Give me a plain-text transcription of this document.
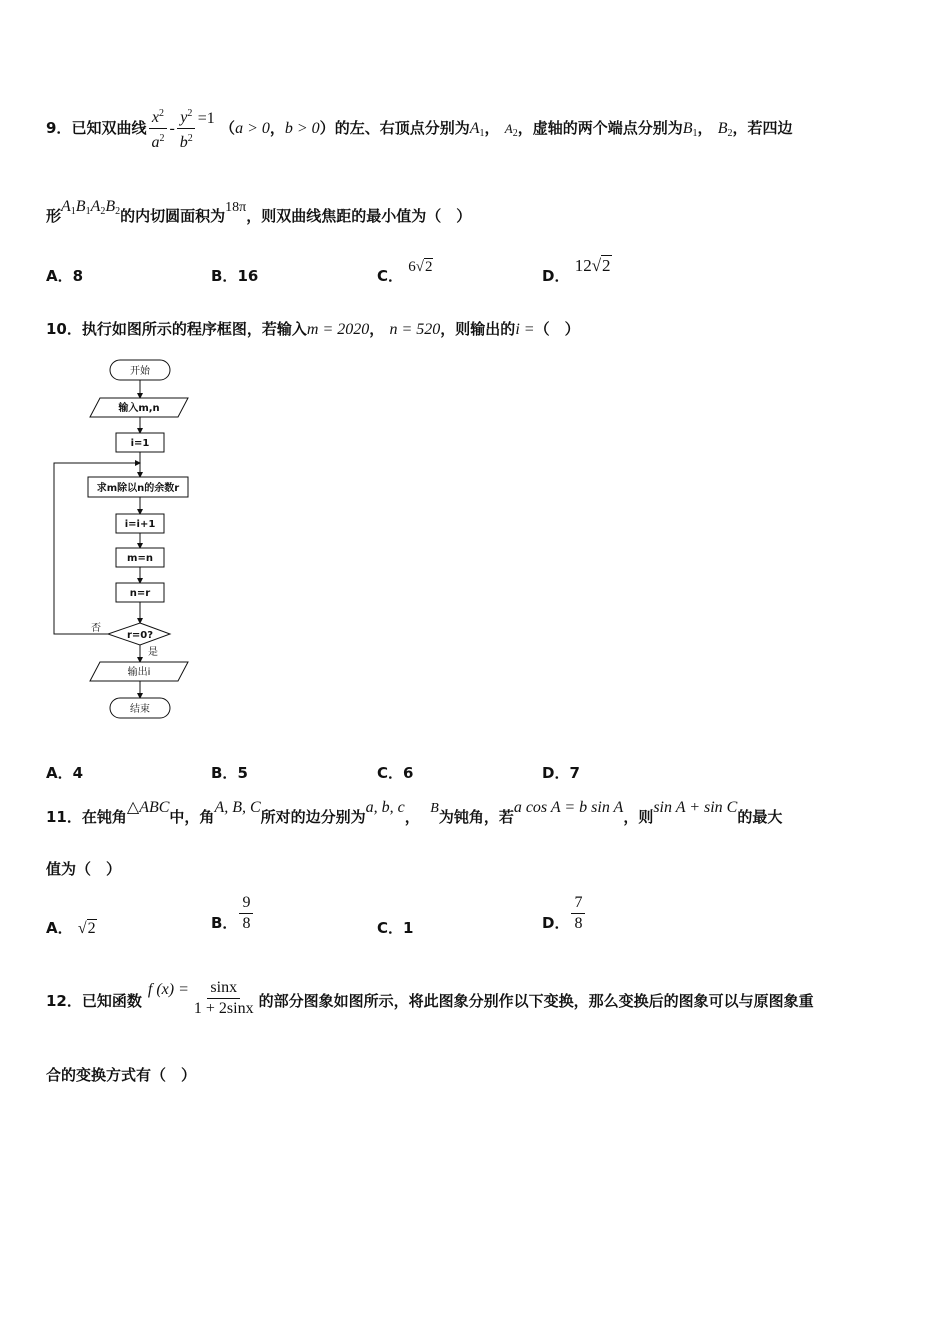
9．已知双曲线 $\frac{x^2}{a^2} - \frac{y^2}{b^2} =1$ （a > 0，b > 0）的左、右顶点分别为$A_1$， $A_2$，虚轴的两个端点分别为$B_1$， $B_2$，若四边
形$A_1B_1A_2B_2$的内切圆面积为18π，则双曲线焦距的最小值为（　）
A．8	B．16	C． 6√2	D． 12√2
10．执行如图所示的程序框图，若输入m = 2020， n = 520，则输出的i =（　）
开始
输入m,n
i=1
求m除以n的余数r
i=i+1
m=n
n=r
r=0?
否
是
输出i
结束
A．4	B．5	C．6	D．7
11．在钝角△ABC中，角A, B, C所对的边分别为a, b, c， B为钝角，若a cos A = b sin A，则sin A + sin C的最大
值为（　）
A． √2	B． $\frac{9}{8}$	C．1	D． $\frac{7}{8}$
12．已知函数f $(x) = \frac{\sin x}{1 + 2\sin x}$ 的部分图象如图所示，将此图象分别作以下变换，那么变换后的图象可以与原图象重
合的变换方式有（　）
